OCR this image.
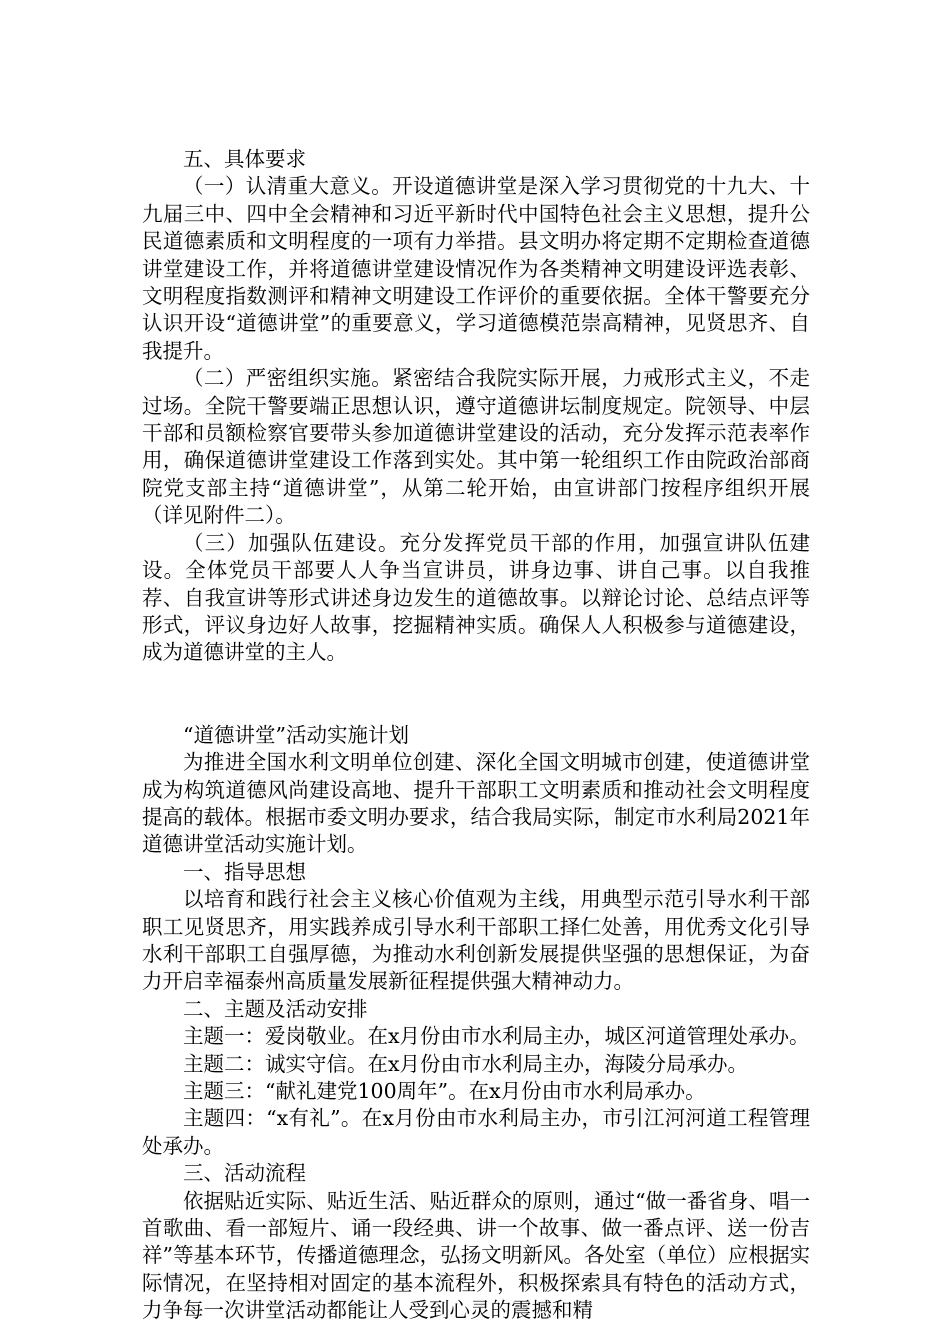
五、具体要求

（一）认清重大意义。开设道德讲堂是深入学习贯彻党的十九大、十九届三中、四中全会精神和习近平新时代中国特色社会主义思想，提升公民道德素质和文明程度的一项有力举措。县文明办将定期不定期检查道德讲堂建设工作，并将道德讲堂建设情况作为各类精神文明建设评选表彰、文明程度指数测评和精神文明建设工作评价的重要依据。全体干警要充分认识开设“道德讲堂”的重要意义，学习道德模范崇高精神，见贤思齐、自我提升。

（二）严密组织实施。紧密结合我院实际开展，力戒形式主义，不走过场。全院干警要端正思想认识，遵守道德讲坛制度规定。院领导、中层干部和员额检察官要带头参加道德讲堂建设的活动，充分发挥示范表率作用，确保道德讲堂建设工作落到实处。其中第一轮组织工作由院政治部商院党支部主持“道德讲堂”，从第二轮开始，由宣讲部门按程序组织开展（详见附件二）。

（三）加强队伍建设。充分发挥党员干部的作用，加强宣讲队伍建设。全体党员干部要人人争当宣讲员，讲身边事、讲自己事。以自我推荐、自我宣讲等形式讲述身边发生的道德故事。以辩论讨论、总结点评等形式，评议身边好人故事，挖掘精神实质。确保人人积极参与道德建设，成为道德讲堂的主人。

“道德讲堂”活动实施计划

为推进全国水利文明单位创建、深化全国文明城市创建，使道德讲堂成为构筑道德风尚建设高地、提升干部职工文明素质和推动社会文明程度提高的载体。根据市委文明办要求，结合我局实际，制定市水利局2021年道德讲堂活动实施计划。

一、指导思想

以培育和践行社会主义核心价值观为主线，用典型示范引导水利干部职工见贤思齐，用实践养成引导水利干部职工择仁处善，用优秀文化引导水利干部职工自强厚德，为推动水利创新发展提供坚强的思想保证，为奋力开启幸福泰州高质量发展新征程提供强大精神动力。

二、主题及活动安排

主题一：爱岗敬业。在x月份由市水利局主办，城区河道管理处承办。

主题二：诚实守信。在x月份由市水利局主办，海陵分局承办。

主题三：“献礼建党100周年”。在x月份由市水利局承办。

主题四：“x有礼”。在x月份由市水利局主办，市引江河河道工程管理处承办。

三、活动流程

依据贴近实际、贴近生活、贴近群众的原则，通过“做一番省身、唱一首歌曲、看一部短片、诵一段经典、讲一个故事、做一番点评、送一份吉祥”等基本环节，传播道德理念，弘扬文明新风。各处室（单位）应根据实际情况，在坚持相对固定的基本流程外，积极探索具有特色的活动方式，力争每一次讲堂活动都能让人受到心灵的震撼和精
